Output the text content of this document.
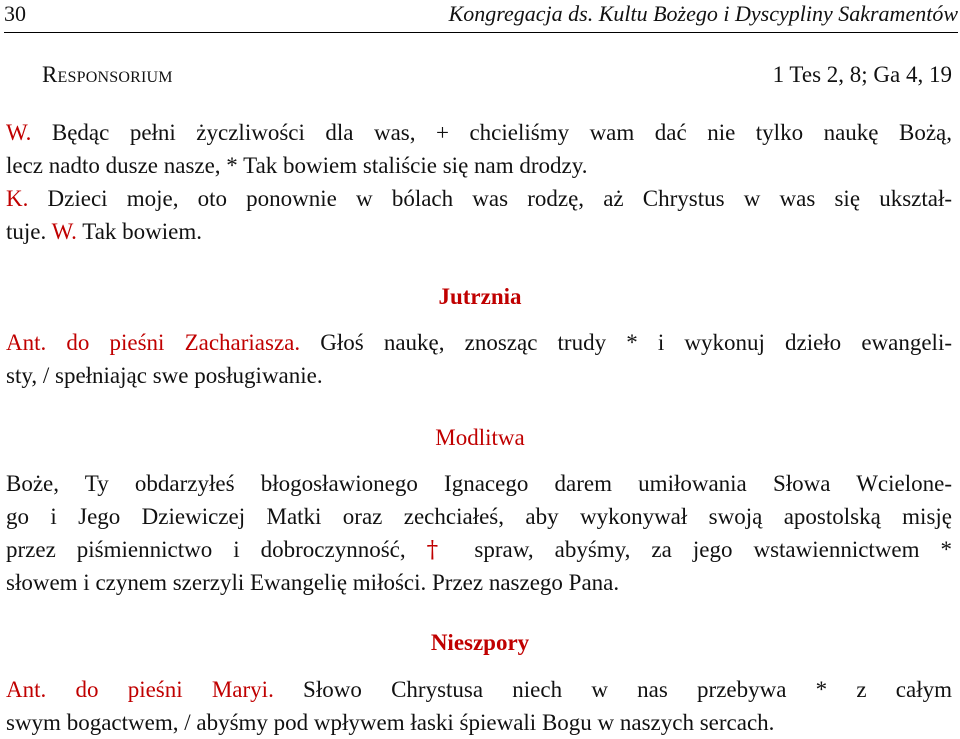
30	Kongregacja ds. Kultu Bożego i Dyscypliny Sakramentów
Responsorium	1 Tes 2, 8; Ga 4, 19
W. Będąc pełni życzliwości dla was, + chcieliśmy wam dać nie tylko naukę Bożą,
lecz nadto dusze nasze, * Tak bowiem staliście się nam drodzy.
K. Dzieci moje, oto ponownie w bólach was rodzę, aż Chrystus w was się ukształ-
tuje. W. Tak bowiem.
Jutrznia
Ant. do pieśni Zachariasza. Głoś naukę, znosząc trudy * i wykonuj dzieło ewangeli-
sty, / spełniając swe posługiwanie.
Modlitwa
Boże, Ty obdarzyłeś błogosławionego Ignacego darem umiłowania Słowa Wcielone-
go i Jego Dziewiczej Matki oraz zechciałeś, aby wykonywał swoją apostolską misję
przez piśmiennictwo i dobroczynność, † spraw, abyśmy, za jego wstawiennictwem *
słowem i czynem szerzyli Ewangelię miłości. Przez naszego Pana.
Nieszpory
Ant. do pieśni Maryi. Słowo Chrystusa niech w nas przebywa * z całym
swym bogactwem, / abyśmy pod wpływem łaski śpiewali Bogu w naszych sercach.
